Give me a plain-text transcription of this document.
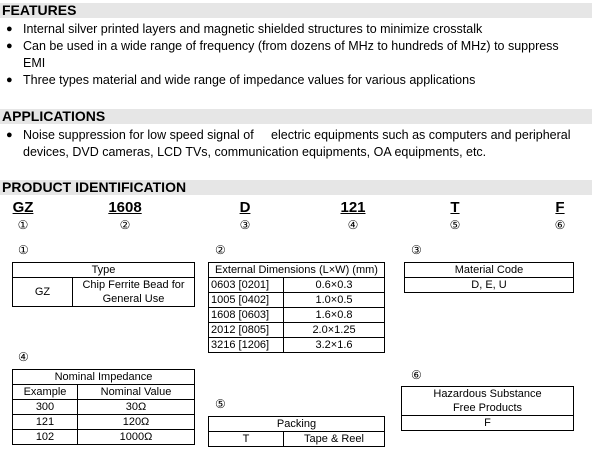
FEATURES
● Internal silver printed layers and magnetic shielded structures to minimize crosstalk
● Can be used in a wide range of frequency (from dozens of MHz to hundreds of MHz) to suppress
EMI
● Three types material and wide range of impedance values for various applications
APPLICATIONS
● Noise suppression for low speed signal of     electric equipments such as computers and peripheral
devices, DVD cameras, LCD TVs, communication equipments, OA equipments, etc.
PRODUCT IDENTIFICATION
GZ
①
1608
②
D
③
121
④
T
⑤
F
⑥
①
Type
GZ	
Chip Ferrite Bead for
General Use
②
External Dimensions (L×W) (mm)	
0603 [0201]	0.6×0.3
1005 [0402]	1.0×0.5
1608 [0603]	1.6×0.8
2012 [0805]	2.0×1.25
3216 [1206]	3.2×1.6
③
Material Code
D, E, U
④
Nominal Impedance	
Example	Nominal Value
300	30Ω
121	120Ω
102	1000Ω
⑤
Packing
T	Tape & Reel
⑥
Hazardous Substance
Free Products

F
